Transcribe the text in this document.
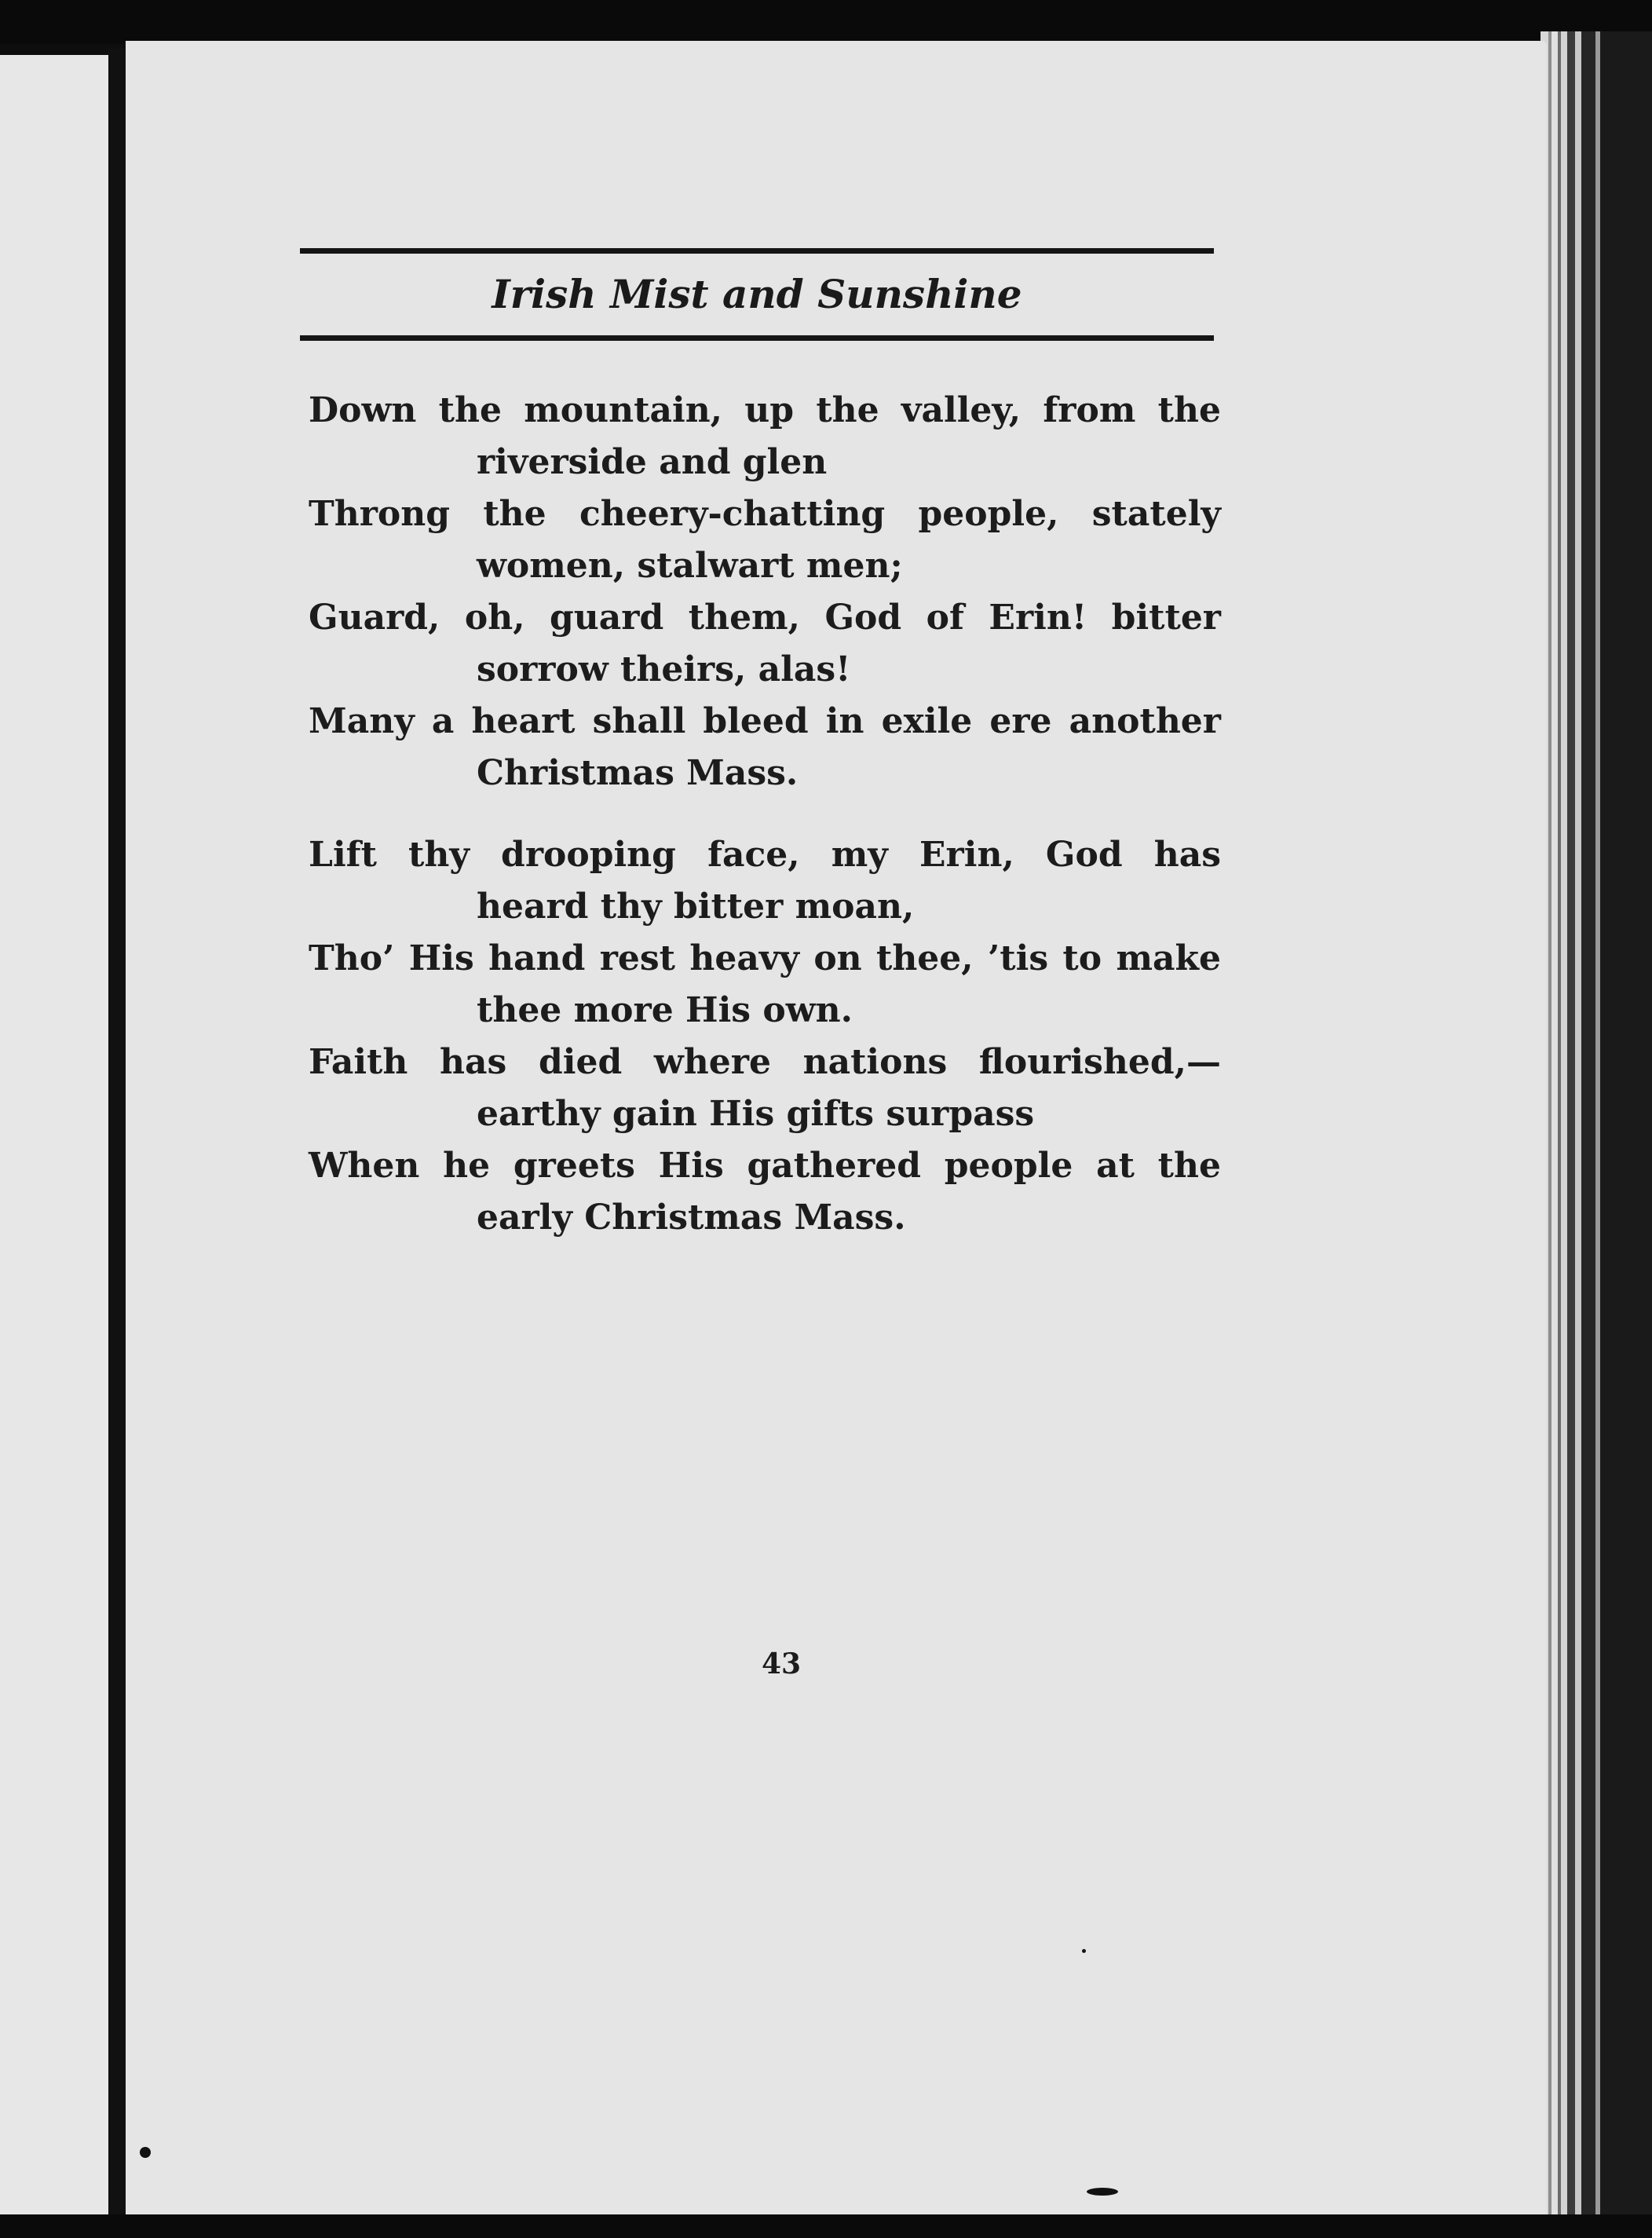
Irish Mist and Sunshine
Down the mountain, up the valley, from the
riverside and glen
Throng the cheery-chatting people, stately
women, stalwart men;
Guard, oh, guard them, God of Erin! bitter
sorrow theirs, alas!
Many a heart shall bleed in exile ere another
Christmas Mass.
Lift thy drooping face, my Erin, God has
heard thy bitter moan,
Tho’ His hand rest heavy on thee, ’tis to make
thee more His own.
Faith has died where nations flourished,—
earthy gain His gifts surpass
When he greets His gathered people at the
early Christmas Mass.
43
